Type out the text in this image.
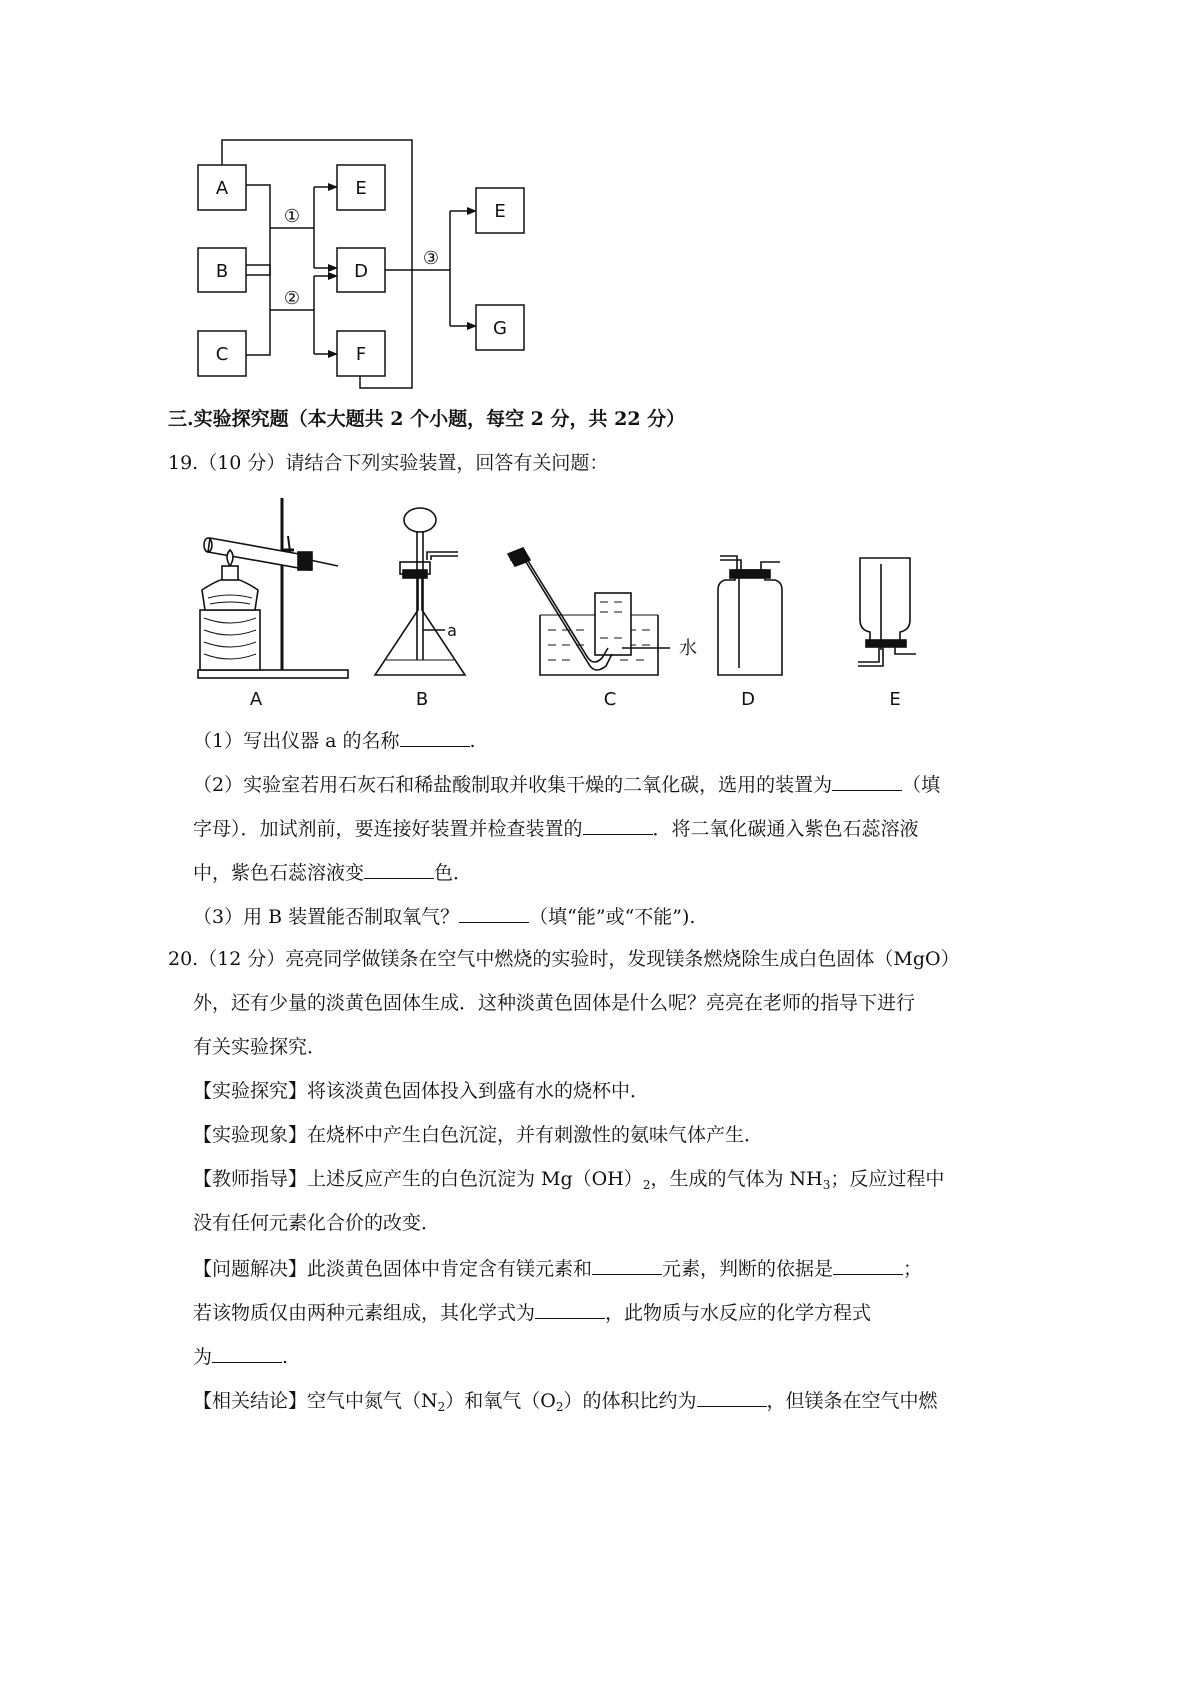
A
B
C
E
D
F
E
G
①
②
③
三.实验探究题（本大题共 2 个小题，每空 2 分，共 22 分）
19.（10 分）请结合下列实验装置，回答有关问题：
A	B	C	D	E
a
水
（1）写出仪器 a 的名称	.
（2）实验室若用石灰石和稀盐酸制取并收集干燥的二氧化碳，选用的装置为	（填
字母）．加试剂前，要连接好装置并检查装置的	．将二氧化碳通入紫色石蕊溶液
中，紫色石蕊溶液变	色．
（3）用 B 装置能否制取氧气？	（填“能”或“不能”).
20.（12 分）亮亮同学做镁条在空气中燃烧的实验时，发现镁条燃烧除生成白色固体（MgO）
外，还有少量的淡黄色固体生成．这种淡黄色固体是什么呢？亮亮在老师的指导下进行
有关实验探究．
【实验探究】将该淡黄色固体投入到盛有水的烧杯中．
【实验现象】在烧杯中产生白色沉淀，并有刺激性的氨味气体产生．
【教师指导】上述反应产生的白色沉淀为 $Mg(OH)_2$，生成的气体为 $NH_3$；反应过程中
没有任何元素化合价的改变．
【问题解决】此淡黄色固体中肯定含有镁元素和	元素，判断的依据是	；
若该物质仅由两种元素组成，其化学式为	，此物质与水反应的化学方程式
为	.
【相关结论】空气中氮气$(N_2)$和氧气$(O_2)$的体积比约为	，但镁条在空气中燃
